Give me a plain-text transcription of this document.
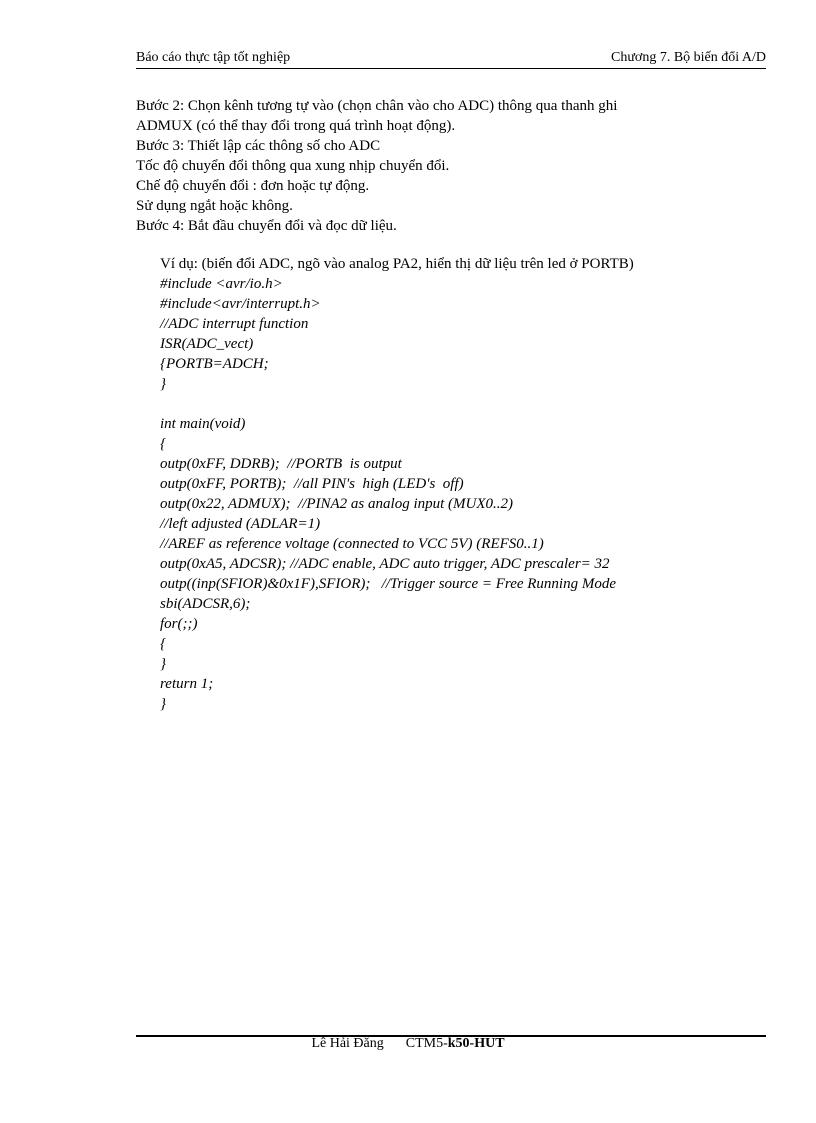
Báo cáo thực tập tốt nghiệp	Chương 7. Bộ biến đổi A/D
Bước 2: Chọn kênh tương tự vào (chọn chân vào cho ADC) thông qua thanh ghi
ADMUX (có thể thay đổi trong quá trình hoạt động).
Bước 3: Thiết lập các thông số cho ADC
Tốc độ chuyển đổi thông qua xung nhịp chuyển đổi.
Chế độ chuyển đổi : đơn hoặc tự động.
Sử dụng ngắt hoặc không.
Bước 4: Bắt đầu chuyển đổi và đọc dữ liệu.
Ví dụ: (biến đổi ADC, ngõ vào analog PA2, hiển thị dữ liệu trên led ở PORTB)
#include <avr/io.h>
#include<avr/interrupt.h>
//ADC interrupt function
ISR(ADC_vect)
{PORTB=ADCH;
}
int main(void)
{
outp(0xFF, DDRB);  //PORTB  is output
outp(0xFF, PORTB);  //all PIN's  high (LED's  off)
outp(0x22, ADMUX);  //PINA2 as analog input (MUX0..2)
//left adjusted (ADLAR=1)
//AREF as reference voltage (connected to VCC 5V) (REFS0..1)
outp(0xA5, ADCSR); //ADC enable, ADC auto trigger, ADC prescaler= 32
outp((inp(SFIOR)&0x1F),SFIOR);   //Trigger source = Free Running Mode
sbi(ADCSR,6);
for(;;)
{
}
return 1;
}
Lê Hải Đăng CTM5-k50-HUT
